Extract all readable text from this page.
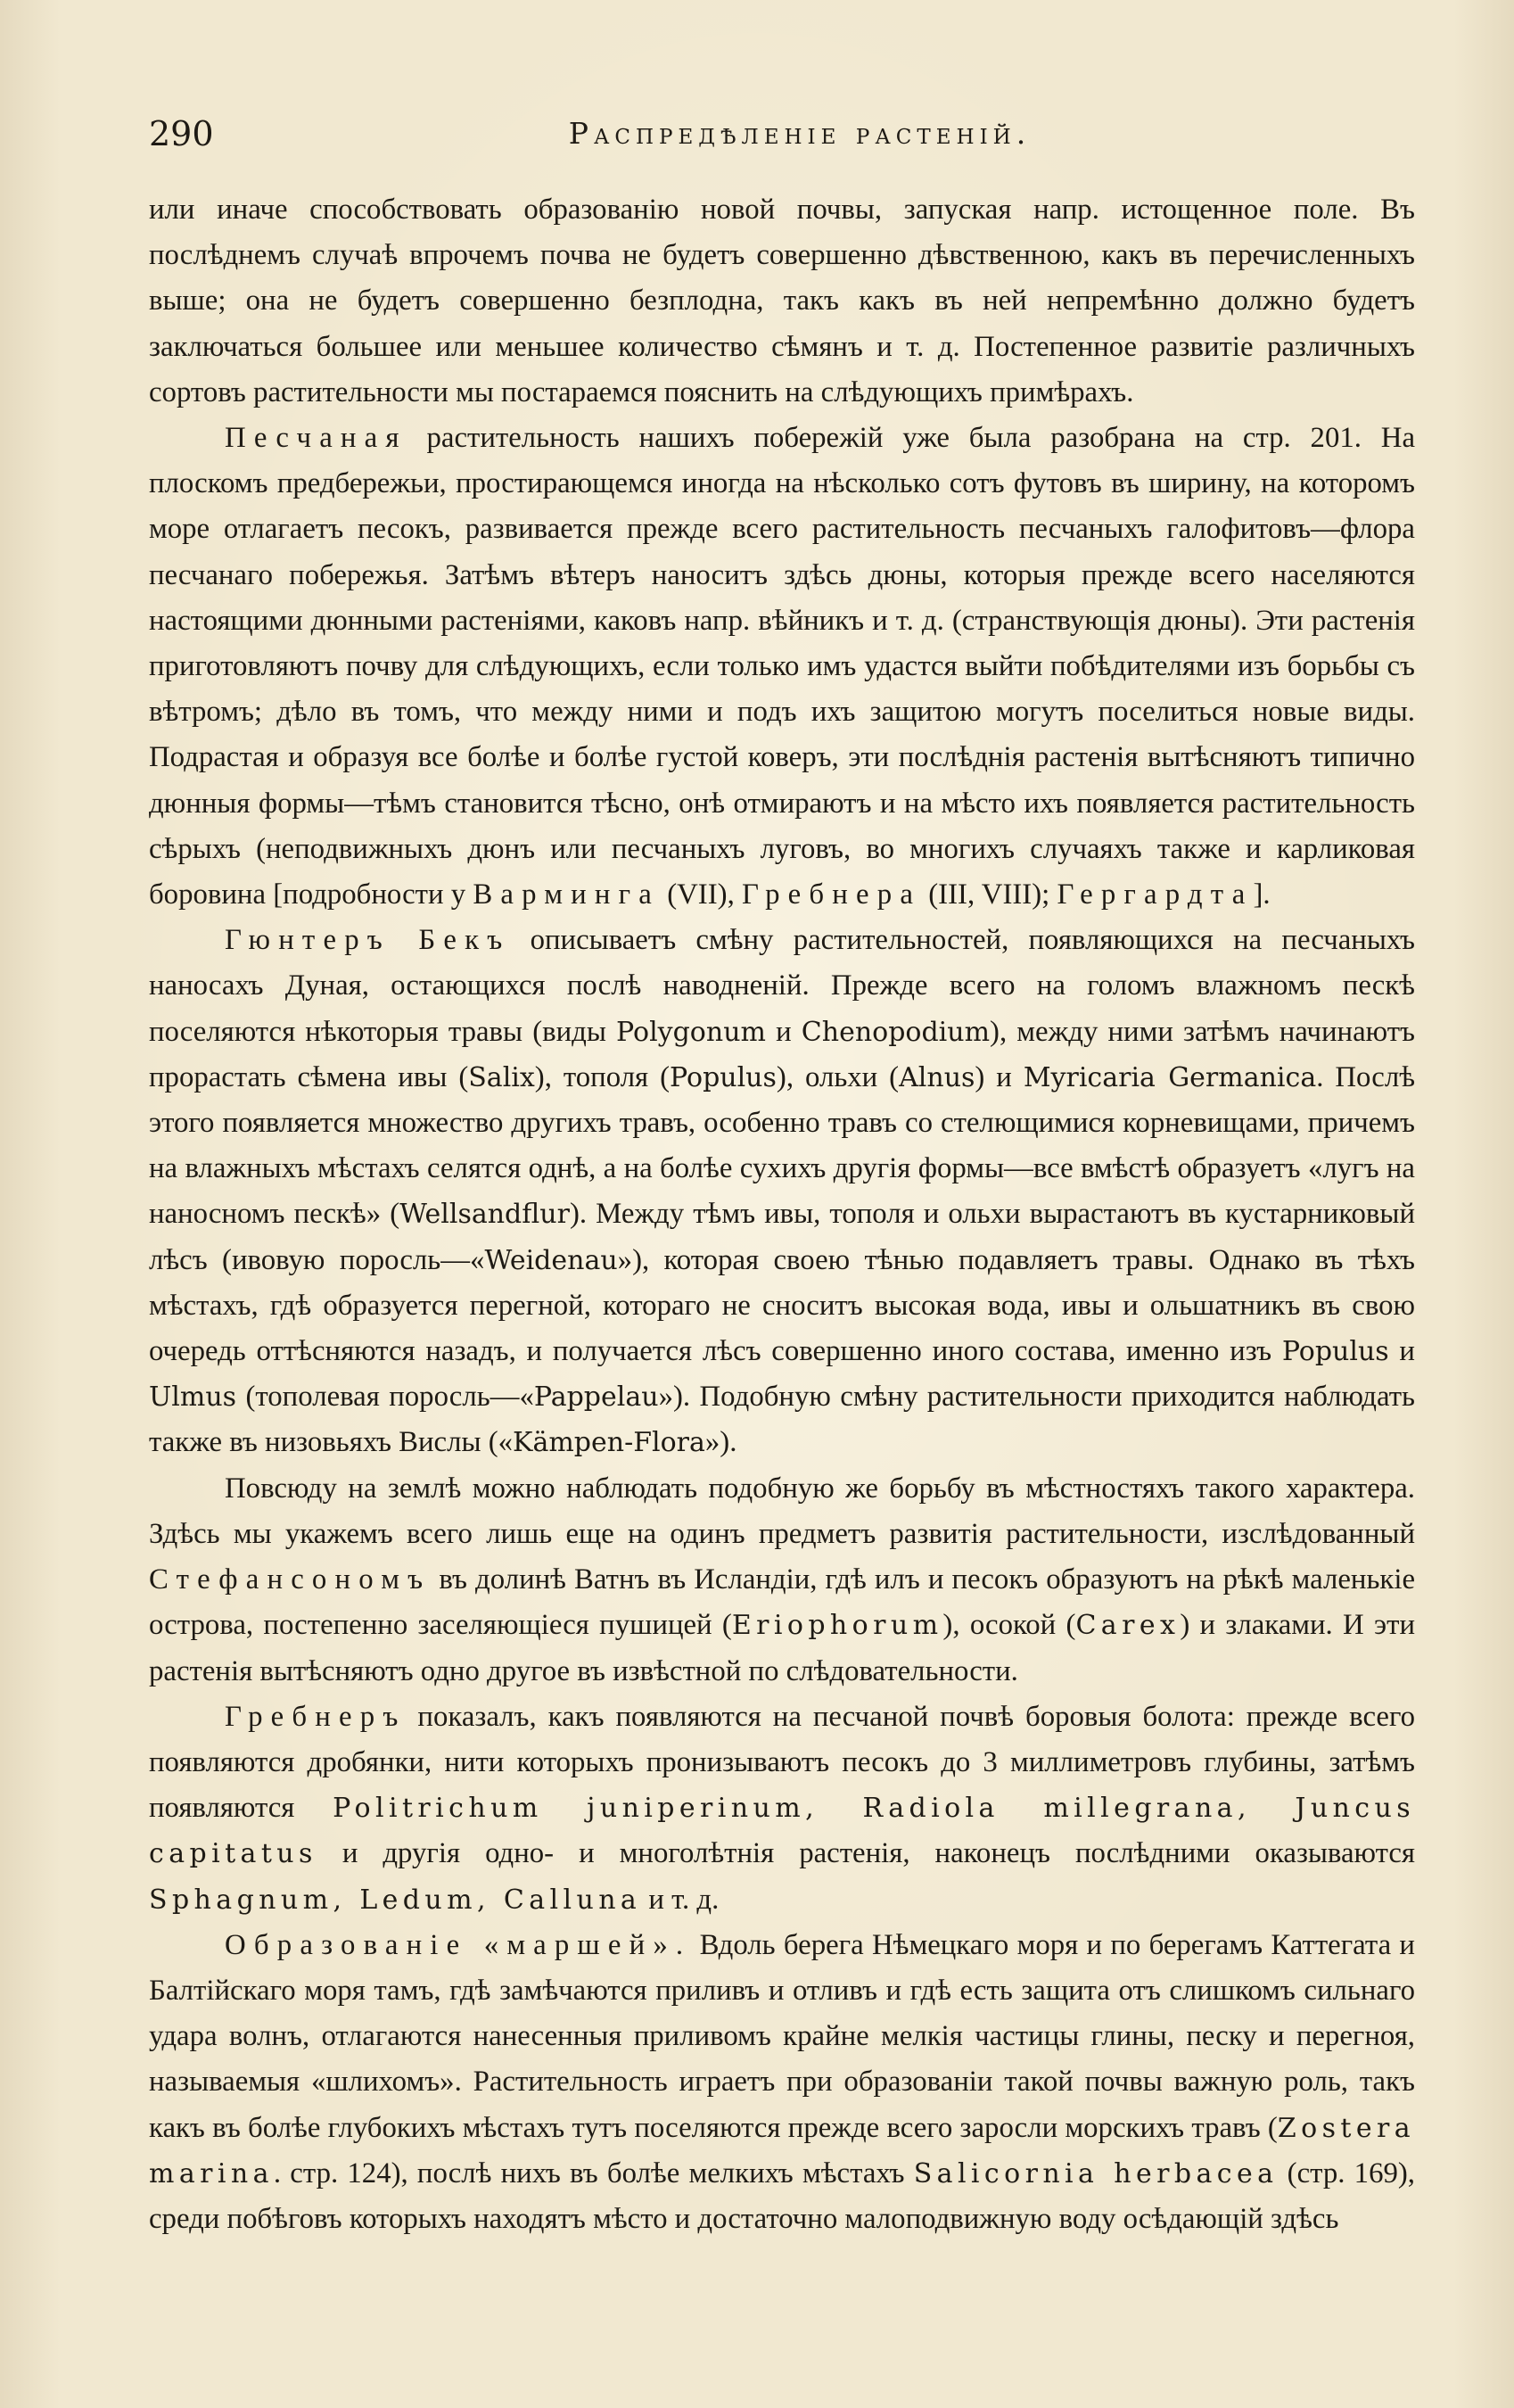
290	Распредѣленіе растеній.

или иначе способствовать образованію новой почвы, запуская напр. истощенное поле. Въ послѣднемъ случаѣ впрочемъ почва не будетъ совершенно дѣвственною, какъ въ перечисленныхъ выше; она не будетъ совершенно безплодна, такъ какъ въ ней непремѣнно должно будетъ заключаться большее или меньшее количество сѣмянъ и т. д. Постепенное развитіе различныхъ сортовъ растительности мы постараемся пояснить на слѣдующихъ примѣрахъ.

Песчаная растительность нашихъ побережій уже была разобрана на стр. 201. На плоскомъ предбережьи, простирающемся иногда на нѣсколько сотъ футовъ въ ширину, на которомъ море отлагаетъ песокъ, развивается прежде всего растительность песчаныхъ галофитовъ—флора песчанаго побережья. Затѣмъ вѣтеръ наноситъ здѣсь дюны, которыя прежде всего населяются настоящими дюнными растеніями, каковъ напр. вѣйникъ и т. д. (странствующія дюны). Эти растенія приготовляютъ почву для слѣдующихъ, если только имъ удастся выйти побѣдителями изъ борьбы съ вѣтромъ; дѣло въ томъ, что между ними и подъ ихъ защитою могутъ поселиться новые виды. Подрастая и образуя все болѣе и болѣе густой коверъ, эти послѣднія растенія вытѣсняютъ типично дюнныя формы—тѣмъ становится тѣсно, онѣ отмираютъ и на мѣсто ихъ появляется растительность сѣрыхъ (неподвижныхъ дюнъ или песчаныхъ луговъ, во многихъ случаяхъ также и карликовая боровина [подробности у Варминга (VII), Гребнера (III, VIII); Гергардта].

Гюнтеръ Бекъ описываетъ смѣну растительностей, появляющихся на песчаныхъ наносахъ Дуная, остающихся послѣ наводненій. Прежде всего на голомъ влажномъ пескѣ поселяются нѣкоторыя травы (виды Polygonum и Chenopodium), между ними затѣмъ начинаютъ прорастать сѣмена ивы (Salix), тополя (Populus), ольхи (Alnus) и Myricaria Germanica. Послѣ этого появляется множество другихъ травъ, особенно травъ со стелющимися корневищами, причемъ на влажныхъ мѣстахъ селятся однѣ, а на болѣе сухихъ другія формы—все вмѣстѣ образуетъ «лугъ на наносномъ пескѣ» (Wellsandflur). Между тѣмъ ивы, тополя и ольхи вырастаютъ въ кустарниковый лѣсъ (ивовую поросль—«Weidenau»), которая своею тѣнью подавляетъ травы. Однако въ тѣхъ мѣстахъ, гдѣ образуется перегной, котораго не сноситъ высокая вода, ивы и ольшатникъ въ свою очередь оттѣсняются назадъ, и получается лѣсъ совершенно иного состава, именно изъ Populus и Ulmus (тополевая поросль—«Pappelau»). Подобную смѣну растительности приходится наблюдать также въ низовьяхъ Вислы («Kämpen-Flora»).

Повсюду на землѣ можно наблюдать подобную же борьбу въ мѣстностяхъ такого характера. Здѣсь мы укажемъ всего лишь еще на одинъ предметъ развитія растительности, изслѣдованный Стефансономъ въ долинѣ Ватнъ въ Исландіи, гдѣ илъ и песокъ образуютъ на рѣкѣ маленькіе острова, постепенно заселяющіеся пушицей (Eriophorum), осокой (Carex) и злаками. И эти растенія вытѣсняютъ одно другое въ извѣстной по слѣдовательности.

Гребнеръ показалъ, какъ появляются на песчаной почвѣ боровыя болота: прежде всего появляются дробянки, нити которыхъ пронизываютъ песокъ до 3 миллиметровъ глубины, затѣмъ появляются Politrichum juniperinum, Radiola millegrana, Juncus capitatus и другія одно- и многолѣтнія растенія, наконецъ послѣдними оказываются Sphagnum, Ledum, Calluna и т. д.

Образованіе «маршей». Вдоль берега Нѣмецкаго моря и по берегамъ Каттегата и Балтійскаго моря тамъ, гдѣ замѣчаются приливъ и отливъ и гдѣ есть защита отъ слишкомъ сильнаго удара волнъ, отлагаются нанесенныя приливомъ крайне мелкія частицы глины, песку и перегноя, называемыя «шлихомъ». Растительность играетъ при образованіи такой почвы важную роль, такъ какъ въ болѣе глубокихъ мѣстахъ тутъ поселяются прежде всего заросли морскихъ травъ (Zostera marina. стр. 124), послѣ нихъ въ болѣе мелкихъ мѣстахъ Salicornia herbacea (стр. 169), среди побѣговъ которыхъ находятъ мѣсто и достаточно малоподвижную воду осѣдающій здѣсь
